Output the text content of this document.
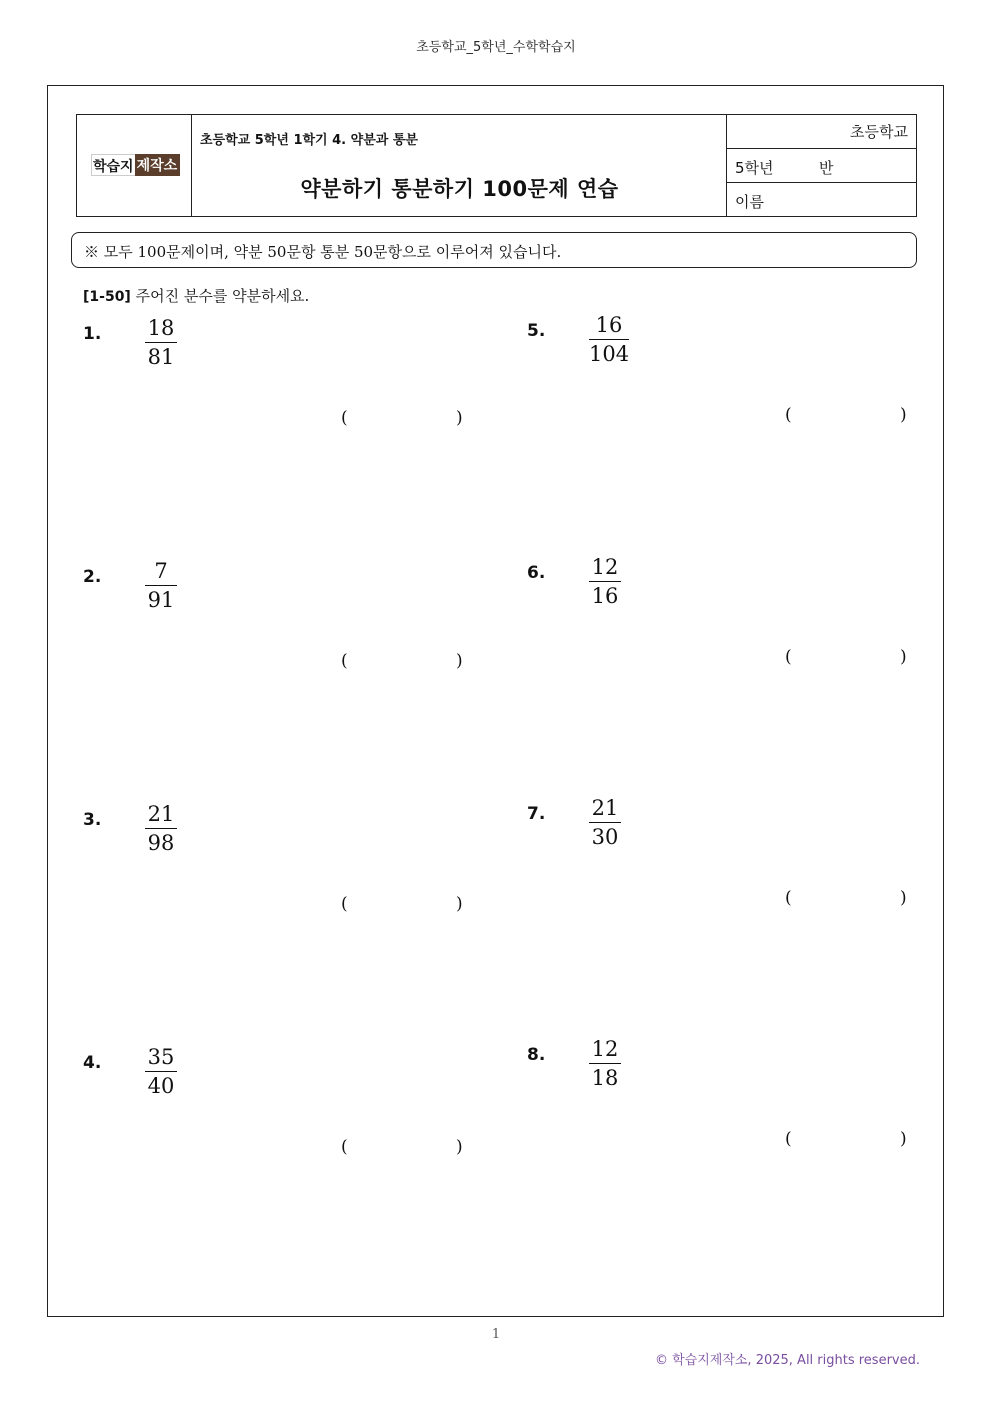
초등학교_5학년_수학학습지
학습지 제작소
초등학교 5학년 1학기 4. 약분과 통분
약분하기 통분하기 100문제 연습
초등학교
5학년	반
이름
※ 모두 100문제이며, 약분 50문항 통분 50문항으로 이루어져 있습니다.
[1-50] 주어진 분수를 약분하세요.
1. $\frac{18}{81}$
(	)
2. $\frac{7}{91}$
(	)
3. $\frac{21}{98}$
(	)
4. $\frac{35}{40}$
(	)
5. $\frac{16}{104}$
(	)
6. $\frac{12}{16}$
(	)
7. $\frac{21}{30}$
(	)
8. $\frac{12}{18}$
(	)
1
© 학습지제작소, 2025, All rights reserved.
